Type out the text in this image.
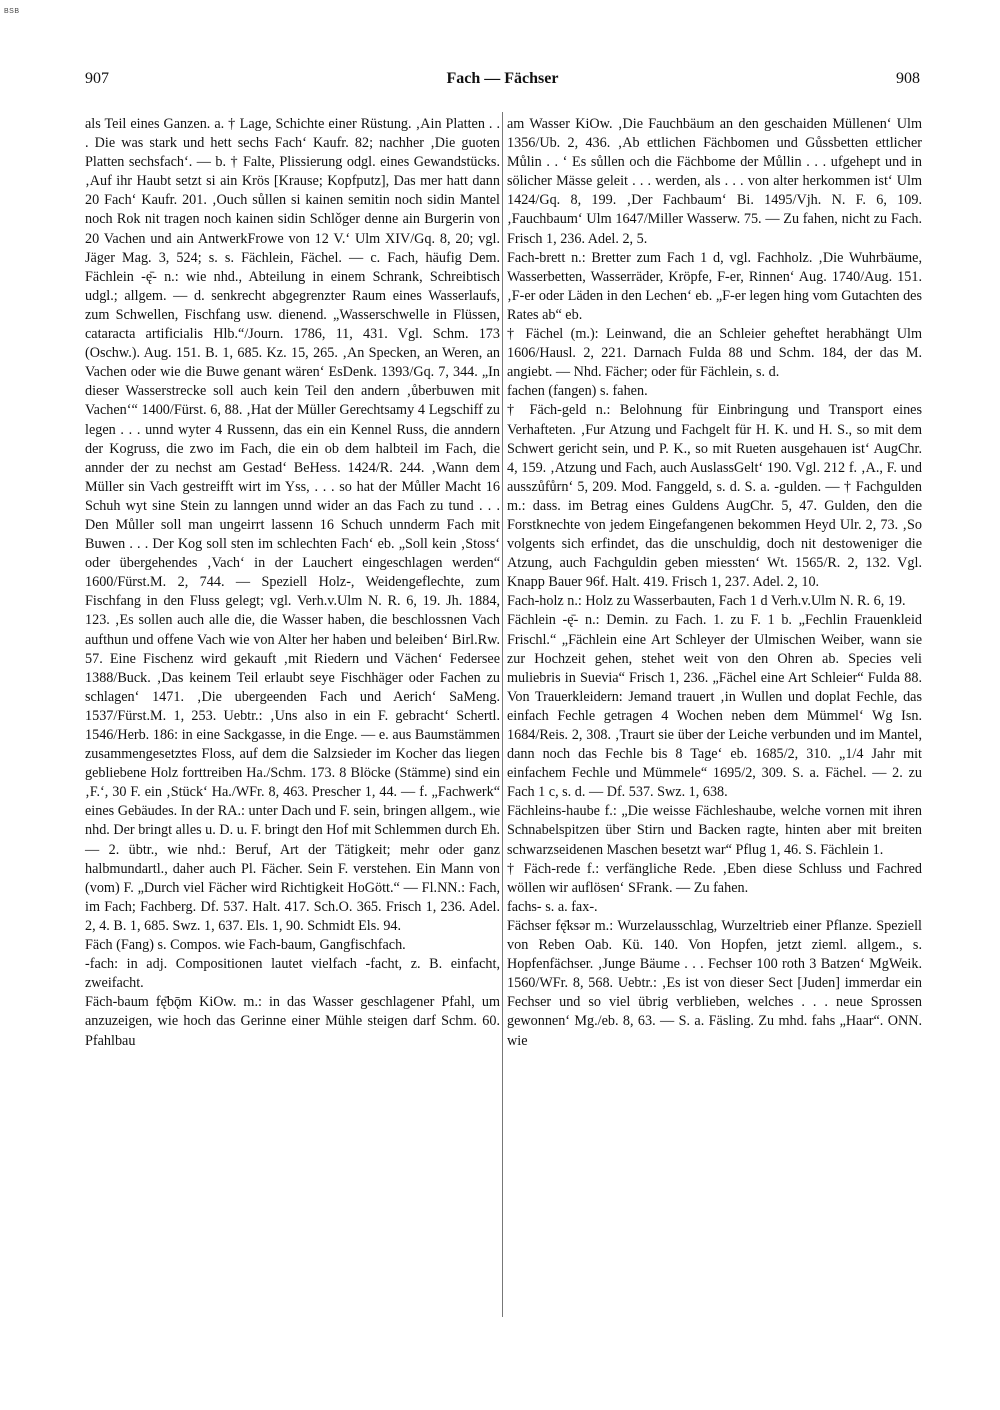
BSB
907	Fach — Fächser	908

als Teil eines Ganzen. a. † Lage, Schichte einer Rüstung. ‚Ain Platten . . . Die was stark und hett sechs Fach‘ Kaufr. 82; nachher ‚Die guoten Platten sechsfach‘. — b. † Falte, Plissierung odgl. eines Gewandstücks. ‚Auf ihr Haubt setzt si ain Krös [Krause; Kopfputz], Das mer hatt dann 20 Fach‘ Kaufr. 201. ‚Ouch sůllen si kainen semitin noch sidin Mantel noch Rok nit tragen noch kainen sidin Schlǒger denne ain Burgerin von 20 Vachen und ain AntwerkFrowe von 12 V.‘ Ulm XIV/Gq. 8, 20; vgl. Jäger Mag. 3, 524; s. s. Fächlein, Fächel. — c. Fach, häufig Dem. Fächlein -ę̄- n.: wie nhd., Abteilung in einem Schrank, Schreibtisch udgl.; allgem. — d. senkrecht abgegrenzter Raum eines Wasserlaufs, zum Schwellen, Fischfang usw. dienend. „Wasserschwelle in Flüssen, cataracta artificialis Hlb.“/Journ. 1786, 11, 431. Vgl. Schm. 173 (Oschw.). Aug. 151. B. 1, 685. Kz. 15, 265. ‚An Specken, an Weren, an Vachen oder wie die Buwe genant wären‘ EsDenk. 1393/Gq. 7, 344. „In dieser Wasserstrecke soll auch kein Teil den andern ‚ůberbuwen mit Vachen‘“ 1400/Fürst. 6, 88. ‚Hat der Müller Gerechtsamy 4 Legschiff zu legen . . . unnd wyter 4 Russenn, das ein ein Kennel Russ, die anndern der Kogruss, die zwo im Fach, die ein ob dem halbteil im Fach, die annder der zu nechst am Gestad‘ BeHess. 1424/R. 244. ‚Wann dem Müller sin Vach gestreifft wirt im Yss, . . . so hat der Můller Macht 16 Schuh wyt sine Stein zu lanngen unnd wider an das Fach zu tund . . . Den Můller soll man ungeirrt lassenn 16 Schuch unnderm Fach mit Buwen . . . Der Kog soll sten im schlechten Fach‘ eb. „Soll kein ‚Stoss‘ oder übergehendes ‚Vach‘ in der Lauchert eingeschlagen werden“ 1600/Fürst.M. 2, 744. — Speziell Holz-, Weidengeflechte, zum Fischfang in den Fluss gelegt; vgl. Verh.v.Ulm N. R. 6, 19. Jh. 1884, 123. ‚Es sollen auch alle die, die Wasser haben, die beschlossnen Vach aufthun und offene Vach wie von Alter her haben und beleiben‘ Birl.Rw. 57. Eine Fischenz wird gekauft ‚mit Riedern und Vächen‘ Federsee 1388/Buck. ‚Das keinem Teil erlaubt seye Fischhäger oder Fachen zu schlagen‘ 1471. ‚Die ubergeenden Fach und Aerich‘ SaMeng. 1537/Fürst.M. 1, 253. Uebtr.: ‚Uns also in ein F. gebracht‘ Schertl. 1546/Herb. 186: in eine Sackgasse, in die Enge. — e. aus Baumstämmen zusammengesetztes Floss, auf dem die Salzsieder im Kocher das liegen gebliebene Holz forttreiben Ha./Schm. 173. 8 Blöcke (Stämme) sind ein ‚F.‘, 30 F. ein ‚Stück‘ Ha./WFr. 8, 463. Prescher 1, 44. — f. „Fachwerk“ eines Gebäudes. In der RA.: unter Dach und F. sein, bringen allgem., wie nhd. Der bringt alles u. D. u. F. bringt den Hof mit Schlemmen durch Eh. — 2. übtr., wie nhd.: Beruf, Art der Tätigkeit; mehr oder ganz halbmundartl., daher auch Pl. Fächer. Sein F. verstehen. Ein Mann von (vom) F. „Durch viel Fächer wird Richtigkeit HoGött.“ — Fl.NN.: Fach, im Fach; Fachberg. Df. 537. Halt. 417. Sch.O. 365. Frisch 1, 236. Adel. 2, 4. B. 1, 685. Swz. 1, 637. Els. 1, 90. Schmidt Els. 94.

Fäch (Fang) s. Compos. wie Fach-baum, Gangfischfach.

-fach: in adj. Compositionen lautet vielfach -facht, z. B. einfacht, zweifacht.

Fäch-baum fę̄bǭm KiOw. m.: in das Wasser geschlagener Pfahl, um anzuzeigen, wie hoch das Gerinne einer Mühle steigen darf Schm. 60. Pfahlbau

am Wasser KiOw. ‚Die Fauchbäum an den geschaiden Müllenen‘ Ulm 1356/Ub. 2, 436. ‚Ab ettlichen Fächbomen und Gůssbetten ettlicher Můlin . . ‘ Es sůllen och die Fächbome der Můllin . . . ufgehept und in sölicher Mässe geleit . . . werden, als . . . von alter herkommen ist‘ Ulm 1424/Gq. 8, 199. ‚Der Fachbaum‘ Bi. 1495/Vjh. N. F. 6, 109. ‚Fauchbaum‘ Ulm 1647/Miller Wasserw. 75. — Zu fahen, nicht zu Fach. Frisch 1, 236. Adel. 2, 5.

Fach-brett n.: Bretter zum Fach 1 d, vgl. Fachholz. ‚Die Wuhrbäume, Wasserbetten, Wasserräder, Kröpfe, F-er, Rinnen‘ Aug. 1740/Aug. 151. ‚F-er oder Läden in den Lechen‘ eb. „F-er legen hing vom Gutachten des Rates ab“ eb.

† Fächel (m.): Leinwand, die an Schleier geheftet herabhängt Ulm 1606/Hausl. 2, 221. Darnach Fulda 88 und Schm. 184, der das M. angiebt. — Nhd. Fächer; oder für Fächlein, s. d.

fachen (fangen) s. fahen.

† Fäch-geld n.: Belohnung für Einbringung und Transport eines Verhafteten. ‚Fur Atzung und Fachgelt für H. K. und H. S., so mit dem Schwert gericht sein, und P. K., so mit Rueten ausgehauen ist‘ AugChr. 4, 159. ‚Atzung und Fach, auch AuslassGelt‘ 190. Vgl. 212 f. ‚A., F. und ausszůfůrn‘ 5, 209. Mod. Fanggeld, s. d. S. a. -gulden. — † Fachgulden m.: dass. im Betrag eines Guldens AugChr. 5, 47. Gulden, den die Forstknechte von jedem Eingefangenen bekommen Heyd Ulr. 2, 73. ‚So volgents sich erfindet, das die unschuldig, doch nit destoweniger die Atzung, auch Fachguldin geben miessten‘ Wt. 1565/R. 2, 132. Vgl. Knapp Bauer 96f. Halt. 419. Frisch 1, 237. Adel. 2, 10.

Fach-holz n.: Holz zu Wasserbauten, Fach 1 d Verh.v.Ulm N. R. 6, 19.

Fächlein -ę̄- n.: Demin. zu Fach. 1. zu F. 1 b. „Fechlin Frauenkleid Frischl.“ „Fächlein eine Art Schleyer der Ulmischen Weiber, wann sie zur Hochzeit gehen, stehet weit von den Ohren ab. Species veli muliebris in Suevia“ Frisch 1, 236. „Fächel eine Art Schleier“ Fulda 88. Von Trauerkleidern: Jemand trauert ‚in Wullen und doplat Fechle, das einfach Fechle getragen 4 Wochen neben dem Mümmel‘ Wg Isn. 1684/Reis. 2, 308. ‚Traurt sie über der Leiche verbunden und im Mantel, dann noch das Fechle bis 8 Tage‘ eb. 1685/2, 310. „1/4 Jahr mit einfachem Fechle und Mümmele“ 1695/2, 309. S. a. Fächel. — 2. zu Fach 1 c, s. d. — Df. 537. Swz. 1, 638.

Fächleins-haube f.: „Die weisse Fächleshaube, welche vornen mit ihren Schnabelspitzen über Stirn und Backen ragte, hinten aber mit breiten schwarzseidenen Maschen besetzt war“ Pflug 1, 46. S. Fächlein 1.

† Fäch-rede f.: verfängliche Rede. ‚Eben diese Schluss und Fachred wöllen wir auflösen‘ SFrank. — Zu fahen.

fachs- s. a. fax-.

Fächser fę̄ksər m.: Wurzelausschlag, Wurzeltrieb einer Pflanze. Speziell von Reben Oab. Kü. 140. Von Hopfen, jetzt zieml. allgem., s. Hopfenfächser. ‚Junge Bäume . . . Fechser 100 roth 3 Batzen‘ MgWeik. 1560/WFr. 8, 568. Uebtr.: ‚Es ist von dieser Sect [Juden] immerdar ein Fechser und so viel übrig verblieben, welches . . . neue Sprossen gewonnen‘ Mg./eb. 8, 63. — S. a. Fäsling. Zu mhd. fahs „Haar“. ONN. wie
